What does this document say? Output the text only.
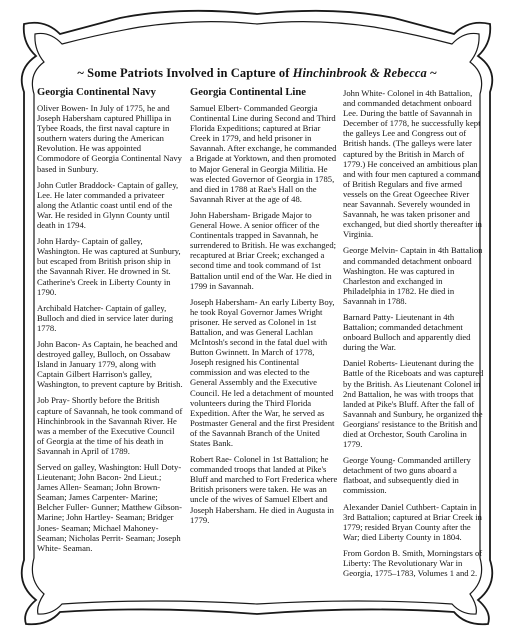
~ Some Patriots Involved in Capture of Hinchinbrook & Rebecca ~
Georgia Continental Navy

Oliver Bowen- In July of 1775, he and Joseph Habersham captured Phillipa in Tybee Roads, the first naval capture in southern waters during the American Revolution. He was appointed Commodore of Georgia Continental Navy based in Sunbury.

John Cutler Braddock- Captain of galley, Lee. He later commanded a privateer along the Atlantic coast until end of the War. He resided in Glynn County until death in 1794.

John Hardy- Captain of galley, Washington. He was captured at Sunbury, but escaped from British prison ship in the Savannah River. He drowned in St. Catherine's Creek in Liberty County in 1790.

Archibald Hatcher- Captain of galley, Bulloch and died in service later during 1778.

John Bacon- As Captain, he beached and destroyed galley, Bulloch, on Ossabaw Island in January 1779, along with Captain Gilbert Harrison's galley, Washington, to prevent capture by British.

Job Pray- Shortly before the British capture of Savannah, he took command of Hinchinbrook in the Savannah River. He was a member of the Executive Council of Georgia at the time of his death in Savannah in April of 1789.

Served on galley, Washington: Hull Doty- Lieutenant; John Bacon- 2nd Lieut.; James Allen- Seaman; John Brown- Seaman; James Carpenter- Marine; Belcher Fuller- Gunner; Matthew Gibson- Marine; John Hartley- Seaman; Bridger Jones- Seaman; Michael Mahoney- Seaman; Nicholas Perrit- Seaman; Joseph White- Seaman.

Georgia Continental Line

Samuel Elbert- Commanded Georgia Continental Line during Second and Third Florida Expeditions; captured at Briar Creek in 1779, and held prisoner in Savannah. After exchange, he commanded a Brigade at Yorktown, and then promoted to Major General in Georgia Militia. He was elected Governor of Georgia in 1785, and died in 1788 at Rae's Hall on the Savannah River at the age of 48.

John Habersham- Brigade Major to General Howe. A senior officer of the Continentals trapped in Savannah, he surrendered to British. He was exchanged; recaptured at Briar Creek; exchanged a second time and took command of 1st Battalion until end of the War. He died in 1799 in Savannah.

Joseph Habersham- An early Liberty Boy, he took Royal Governor James Wright prisoner. He served as Colonel in 1st Battalion, and was General Lachlan McIntosh's second in the fatal duel with Button Gwinnett. In March of 1778, Joseph resigned his Continental commission and was elected to the General Assembly and the Executive Council. He led a detachment of mounted volunteers during the Third Florida Expedition. After the War, he served as Postmaster General and the first President of the Savannah Branch of the United States Bank.

Robert Rae- Colonel in 1st Battalion; he commanded troops that landed at Pike's Bluff and marched to Fort Frederica where British prisoners were taken. He was an uncle of the wives of Samuel Elbert and Joseph Habersham. He died in Augusta in 1779.

John White- Colonel in 4th Battalion, and commanded detachment onboard Lee. During the battle of Savannah in December of 1778, he successfully kept the galleys Lee and Congress out of British hands. (The galleys were later captured by the British in March of 1779.) He conceived an ambitious plan and with four men captured a command of British Regulars and five armed vessels on the Great Ogeechee River near Savannah. Severely wounded in Savannah, he was taken prisoner and exchanged, but died shortly thereafter in Virginia.

George Melvin- Captain in 4th Battalion and commanded detachment onboard Washington. He was captured in Charleston and exchanged in Philadelphia in 1782. He died in Savannah in 1788.

Barnard Patty- Lieutenant in 4th Battalion; commanded detachment onboard Bulloch and apparently died during the War.

Daniel Roberts- Lieutenant during the Battle of the Riceboats and was captured by the British. As Lieutenant Colonel in 2nd Battalion, he was with troops that landed at Pike's Bluff. After the fall of Savannah and Sunbury, he organized the Georgians' resistance to the British and died at Orchestor, South Carolina in 1779.

George Young- Commanded artillery detachment of two guns aboard a flatboat, and subsequently died in commission.

Alexander Daniel Cuthbert- Captain in 3rd Battalion; captured at Briar Creek in 1779; resided Bryan County after the War; died Liberty County in 1804.

From Gordon B. Smith, Morningstars of Liberty: The Revolutionary War in Georgia, 1775–1783, Volumes 1 and 2.
